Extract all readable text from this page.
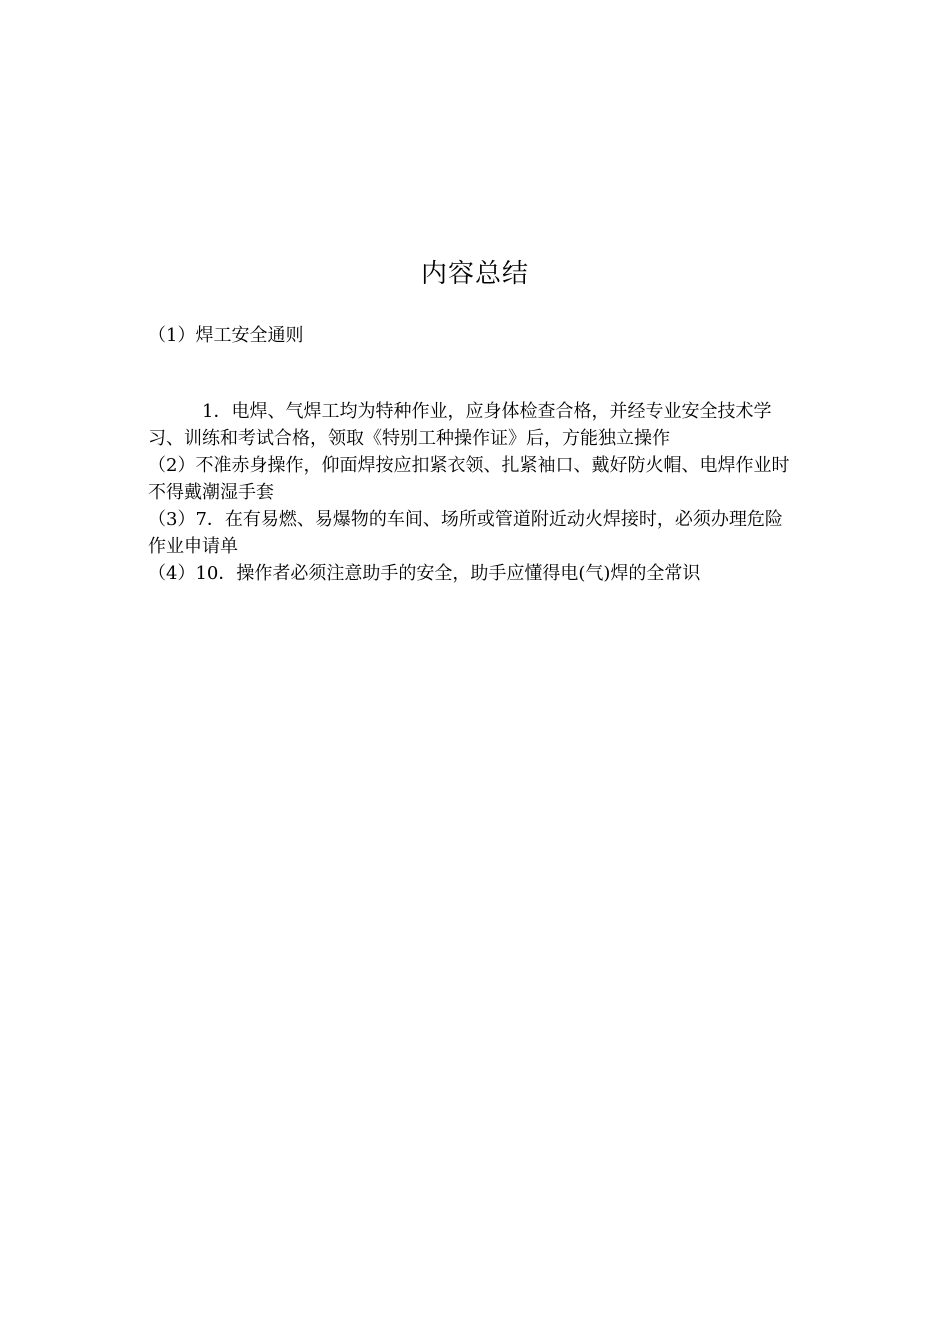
内容总结
（1）焊工安全通则

1．电焊、气焊工均为特种作业，应身体检查合格，并经专业安全技术学习、训练和考试合格，领取《特别工种操作证》后，方能独立操作

（2）不准赤身操作，仰面焊按应扣紧衣领、扎紧袖口、戴好防火帽、电焊作业时不得戴潮湿手套

（3）7．在有易燃、易爆物的车间、场所或管道附近动火焊接时，必须办理危险作业申请单

（4）10．操作者必须注意助手的安全，助手应懂得电(气)焊的全常识
